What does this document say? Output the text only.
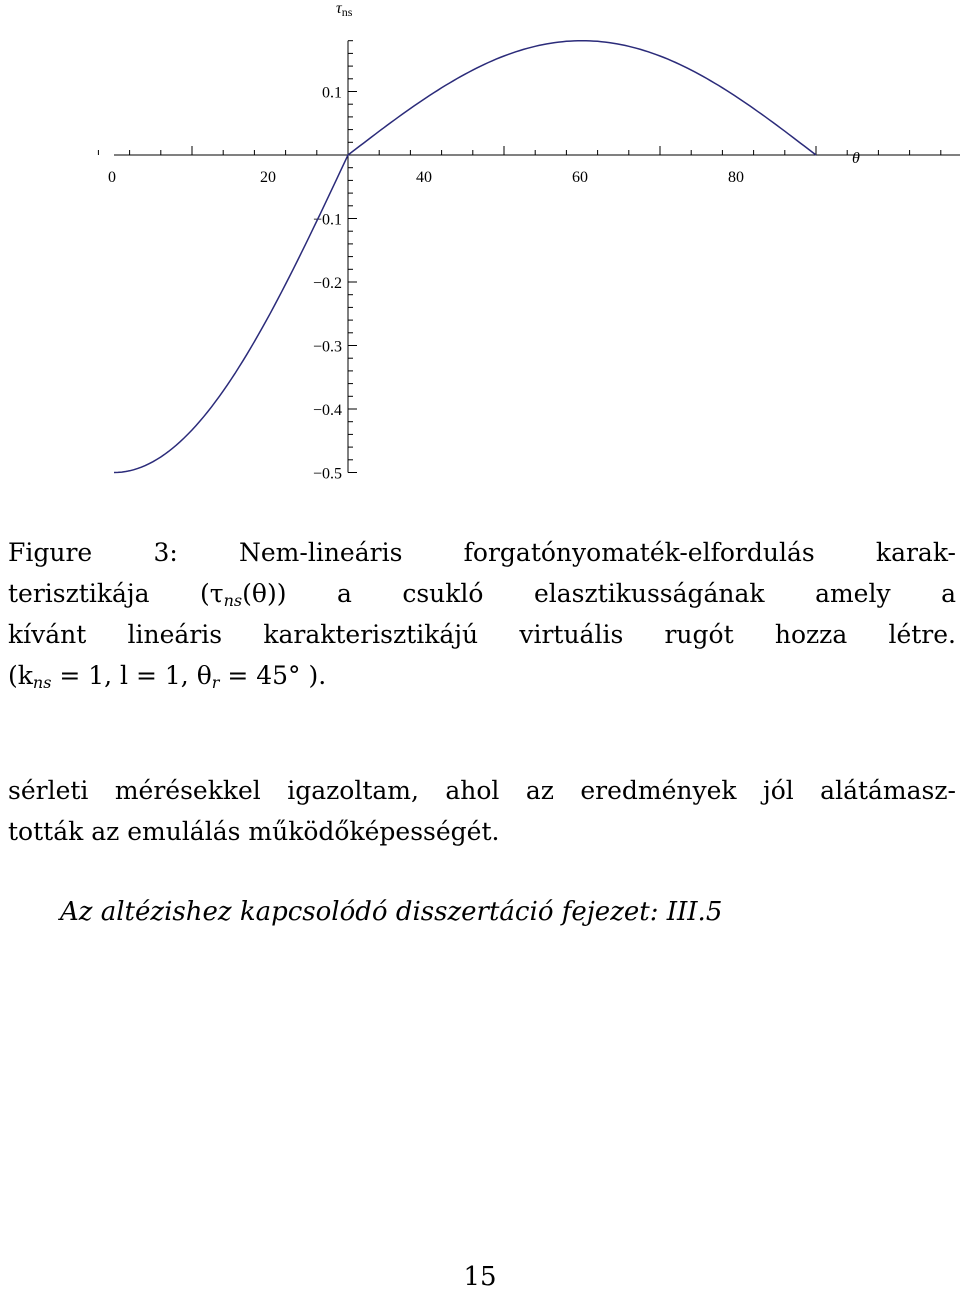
0	20	40	60	80
0.1
−0.1
−0.2
−0.3
−0.4
−0.5
τns
θ
Figure 3: Nem-lineáris forgatónyomaték-elfordulás karak-
terisztikája $(\tau_{ns}(\theta))$ a csukló elasztikusságának amely a
kívánt lineáris karakterisztikájú virtuális rugót hozza létre.
($k_{ns} = 1$, l = 1, $\theta_r = 45^\circ$ ).
sérleti mérésekkel igazoltam, ahol az eredmények jól alátámasz-
tották az emulálás működőképességét.
Az altézishez kapcsolódó disszertáció fejezet: III.5
15
